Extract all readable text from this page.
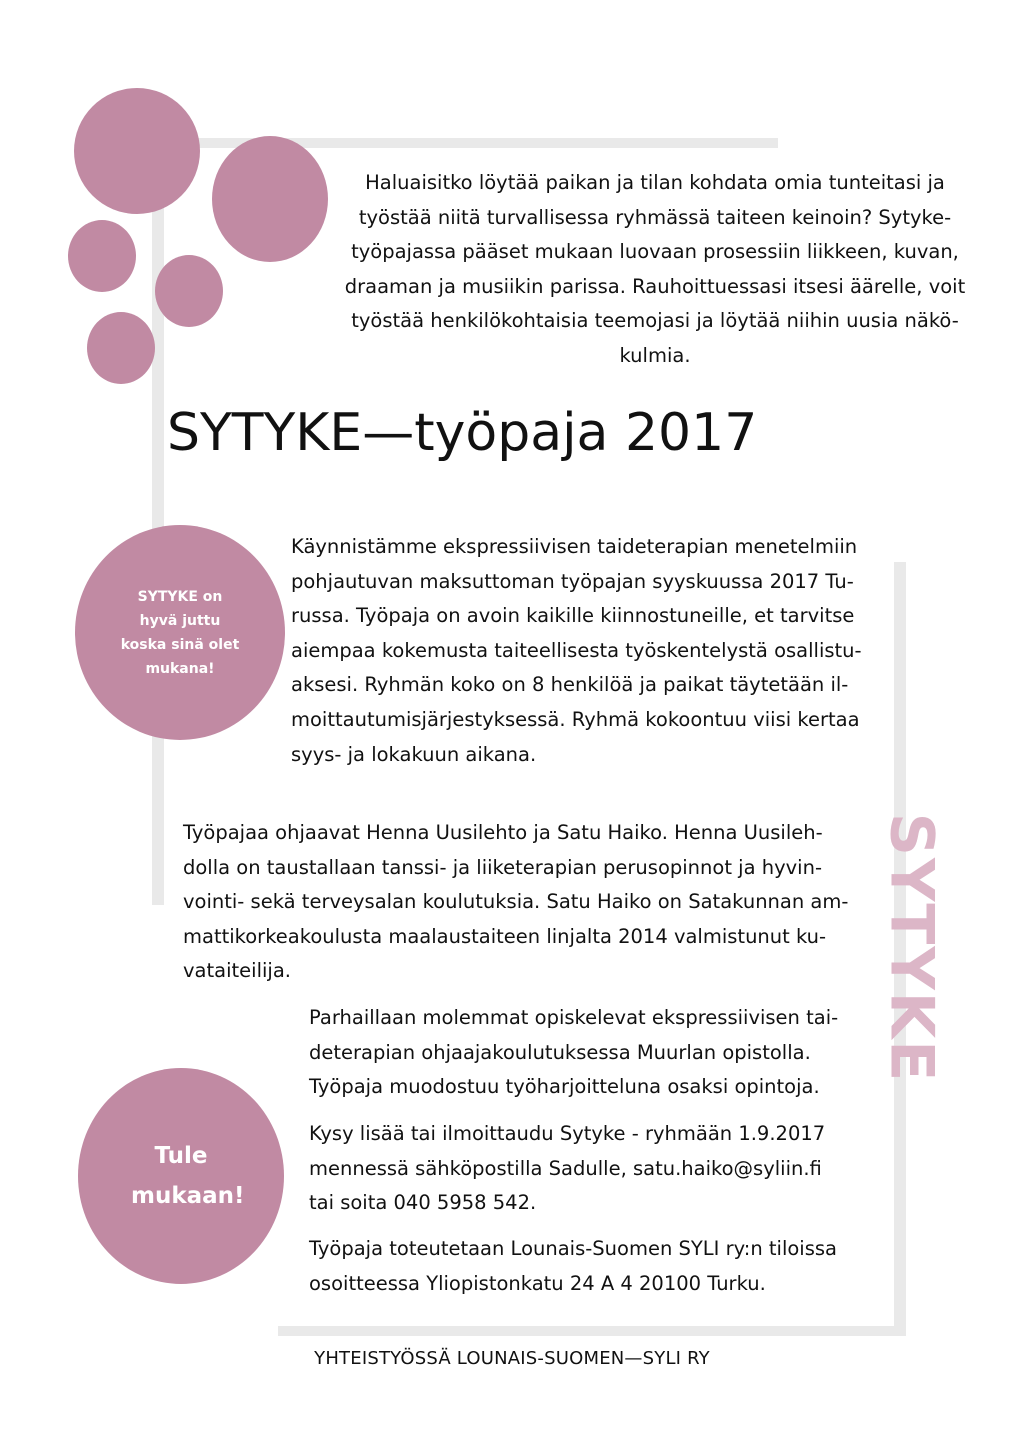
Haluaisitko löytää paikan ja tilan kohdata omia tunteitasi ja
työstää niitä turvallisessa ryhmässä taiteen keinoin? Sytyke-
työpajassa pääset mukaan luovaan prosessiin liikkeen, kuvan,
draaman ja musiikin parissa. Rauhoittuessasi itsesi äärelle, voit
työstää henkilökohtaisia teemojasi ja löytää niihin uusia näkö-
kulmia.
SYTYKE—työpaja 2017
SYTYKE on hyvä juttu koska sinä olet mukana!
Käynnistämme ekspressiivisen taideterapian menetelmiin
pohjautuvan maksuttoman työpajan syyskuussa 2017 Tu-
russa. Työpaja on avoin kaikille kiinnostuneille, et tarvitse
aiempaa kokemusta taiteellisesta työskentelystä osallistu-
aksesi. Ryhmän koko on 8 henkilöä ja paikat täytetään il-
moittautumisjärjestyksessä. Ryhmä kokoontuu viisi kertaa
syys- ja lokakuun aikana.
SYTYKE
Työpajaa ohjaavat Henna Uusilehto ja Satu Haiko. Henna Uusileh-
dolla on taustallaan tanssi- ja liiketerapian perusopinnot ja hyvin-
vointi- sekä terveysalan koulutuksia. Satu Haiko on Satakunnan am-
mattikorkeakoulusta maalaustaiteen linjalta 2014 valmistunut ku-
vataiteilija.
Parhaillaan molemmat opiskelevat ekspressiivisen tai-
deterapian ohjaajakoulutuksessa Muurlan opistolla.
Työpaja muodostuu työharjoitteluna osaksi opintoja.
Tule mukaan!
Kysy lisää tai ilmoittaudu Sytyke - ryhmään 1.9.2017
mennessä sähköpostilla Sadulle, satu.haiko@syliin.fi
tai soita 040 5958 542.
Työpaja toteutetaan Lounais-Suomen SYLI ry:n tiloissa
osoitteessa Yliopistonkatu 24 A 4 20100 Turku.
YHTEISTYÖSSÄ LOUNAIS-SUOMEN—SYLI RY
